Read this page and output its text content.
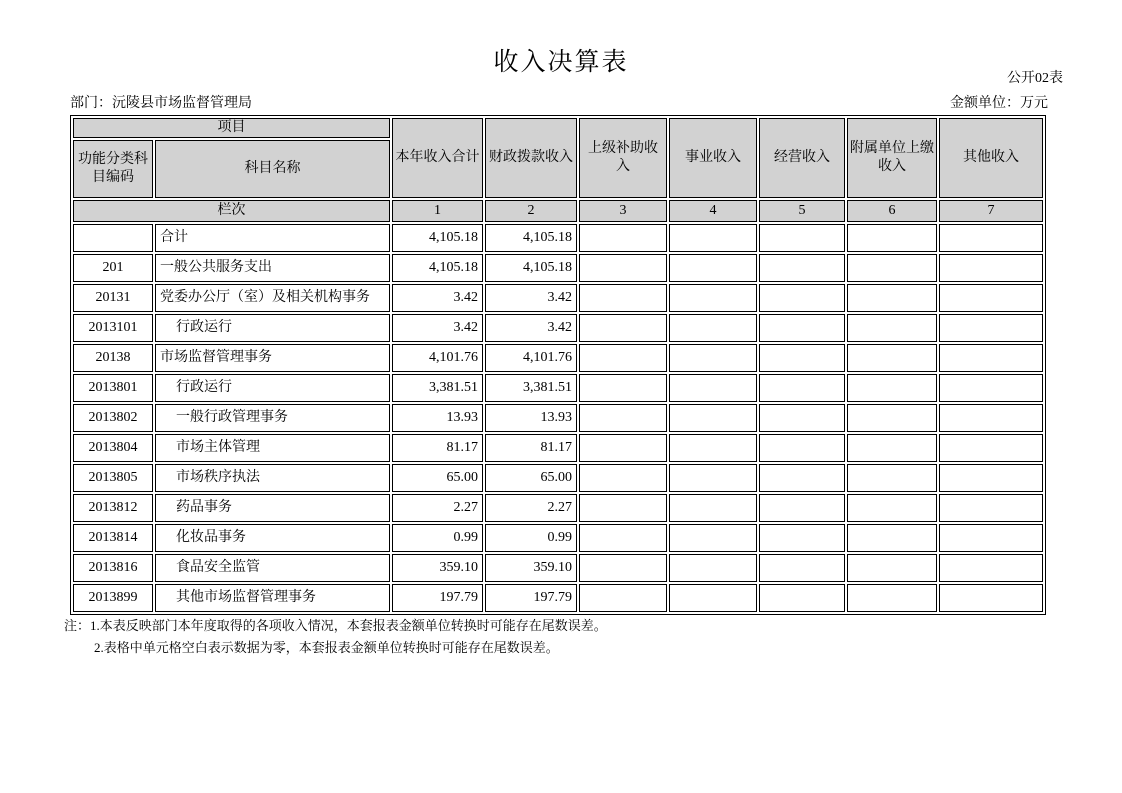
收入决算表
公开02表
部门：沅陵县市场监督管理局	金额单位：万元
项目		本年收入合计	财政拨款收入	上级补助收入	事业收入	经营收入	附属单位上缴收入	其他收入
功能分类科目编码	科目名称							
栏次		1	2	3	4	5	6	7
	合计	4,105.18	4,105.18					
201	一般公共服务支出	4,105.18	4,105.18					
20131	党委办公厅（室）及相关机构事务	3.42	3.42					
2013101	行政运行	3.42	3.42					
20138	市场监督管理事务	4,101.76	4,101.76					
2013801	行政运行	3,381.51	3,381.51					
2013802	一般行政管理事务	13.93	13.93					
2013804	市场主体管理	81.17	81.17					
2013805	市场秩序执法	65.00	65.00					
2013812	药品事务	2.27	2.27					
2013814	化妆品事务	0.99	0.99					
2013816	食品安全监管	359.10	359.10					
2013899	其他市场监督管理事务	197.79	197.79					
注：1.本表反映部门本年度取得的各项收入情况，本套报表金额单位转换时可能存在尾数误差。
2.表格中单元格空白表示数据为零，本套报表金额单位转换时可能存在尾数误差。
